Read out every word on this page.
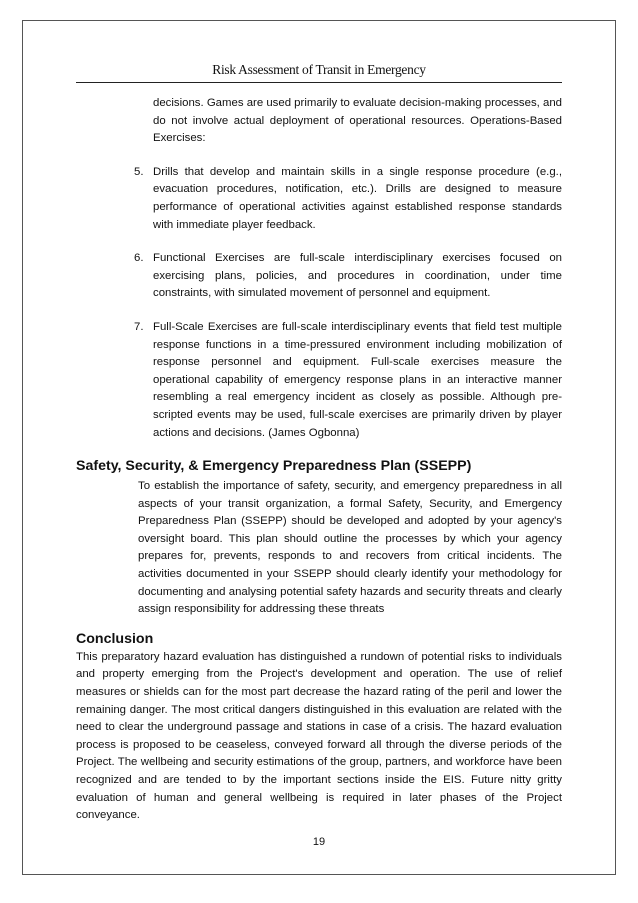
Risk Assessment of Transit in Emergency

decisions. Games are used primarily to evaluate decision-making processes, and do not involve actual deployment of operational resources. Operations-Based Exercises:

5. Drills that develop and maintain skills in a single response procedure (e.g., evacuation procedures, notification, etc.). Drills are designed to measure performance of operational activities against established response standards with immediate player feedback.

6. Functional Exercises are full-scale interdisciplinary exercises focused on exercising plans, policies, and procedures in coordination, under time constraints, with simulated movement of personnel and equipment.

7. Full-Scale Exercises are full-scale interdisciplinary events that field test multiple response functions in a time-pressured environment including mobilization of response personnel and equipment. Full-scale exercises measure the operational capability of emergency response plans in an interactive manner resembling a real emergency incident as closely as possible. Although pre-scripted events may be used, full-scale exercises are primarily driven by player actions and decisions. (James Ogbonna)

Safety, Security, & Emergency Preparedness Plan (SSEPP)

To establish the importance of safety, security, and emergency preparedness in all aspects of your transit organization, a formal Safety, Security, and Emergency Preparedness Plan (SSEPP) should be developed and adopted by your agency's oversight board. This plan should outline the processes by which your agency prepares for, prevents, responds to and recovers from critical incidents. The activities documented in your SSEPP should clearly identify your methodology for documenting and analysing potential safety hazards and security threats and clearly assign responsibility for addressing these threats

Conclusion

This preparatory hazard evaluation has distinguished a rundown of potential risks to individuals and property emerging from the Project's development and operation. The use of relief measures or shields can for the most part decrease the hazard rating of the peril and lower the remaining danger. The most critical dangers distinguished in this evaluation are related with the need to clear the underground passage and stations in case of a crisis. The hazard evaluation process is proposed to be ceaseless, conveyed forward all through the diverse periods of the Project. The wellbeing and security estimations of the group, partners, and workforce have been recognized and are tended to by the important sections inside the EIS. Future nitty gritty evaluation of human and general wellbeing is required in later phases of the Project conveyance.

19
